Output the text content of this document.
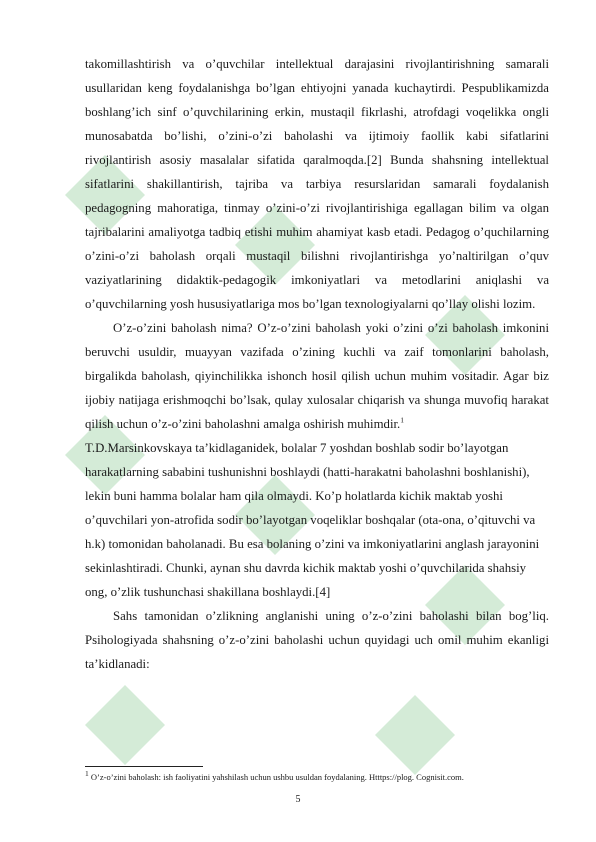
takomillashtirish va o’quvchilar intellektual darajasini rivojlantirishning samarali usullaridan keng foydalanishga bo’lgan ehtiyojni yanada kuchaytirdi. Pespublikamizda boshlang’ich sinf o’quvchilarining erkin, mustaqil fikrlashi, atrofdagi voqelikka ongli munosabatda bo’lishi, o’zini-o’zi baholashi va ijtimoiy faollik kabi sifatlarini rivojlantirish asosiy masalalar sifatida qaralmoqda.[2] Bunda shahsning intellektual sifatlarini shakillantirish, tajriba va tarbiya resurslaridan samarali foydalanish pedagogning mahoratiga, tinmay o’zini-o’zi rivojlantirishiga egallagan bilim va olgan tajribalarini amaliyotga tadbiq etishi muhim ahamiyat kasb etadi. Pedagog o’quchilarning o’zini-o’zi baholash orqali mustaqil bilishni rivojlantirishga yo’naltirilgan o’quv vaziyatlarining didaktik-pedagogik imkoniyatlari va metodlarini aniqlashi va o’quvchilarning yosh hususiyatlariga mos bo’lgan texnologiyalarni qo’llay olishi lozim.

O’z-o’zini baholash nima? O’z-o’zini baholash yoki o’zini o’zi baholash imkonini beruvchi usuldir, muayyan vazifada o’zining kuchli va zaif tomonlarini baholash, birgalikda baholash, qiyinchilikka ishonch hosil qilish uchun muhim vositadir. Agar biz ijobiy natijaga erishmoqchi bo’lsak, qulay xulosalar chiqarish va shunga muvofiq harakat qilish uchun o’z-o’zini baholashni amalga oshirish muhimdir.$^1$

T.D.Marsinkovskaya ta’kidlaganidek, bolalar 7 yoshdan boshlab sodir bo’layotgan harakatlarning sababini tushunishni boshlaydi (hatti-harakatni baholashni boshlanishi), lekin buni hamma bolalar ham qila olmaydi. Ko’p holatlarda kichik maktab yoshi o’quvchilari yon-atrofida sodir bo’layotgan voqeliklar boshqalar (ota-ona, o’qituvchi va h.k) tomonidan baholanadi. Bu esa bolaning o’zini va imkoniyatlarini anglash jarayonini sekinlashtiradi. Chunki, aynan shu davrda kichik maktab yoshi o’quvchilarida shahsiy ong, o’zlik tushunchasi shakillana boshlaydi.[4]

Sahs tamonidan o’zlikning anglanishi uning o’z-o’zini baholashi bilan bog’liq. Psihologiyada shahsning o’z-o’zini baholashi uchun quyidagi uch omil muhim ekanligi ta’kidlanadi:

$^1$ O’z-o’zini baholash: ish faoliyatini yahshilash uchun ushbu usuldan foydalaning. Htttps://plog. Cognisit.com.
5
